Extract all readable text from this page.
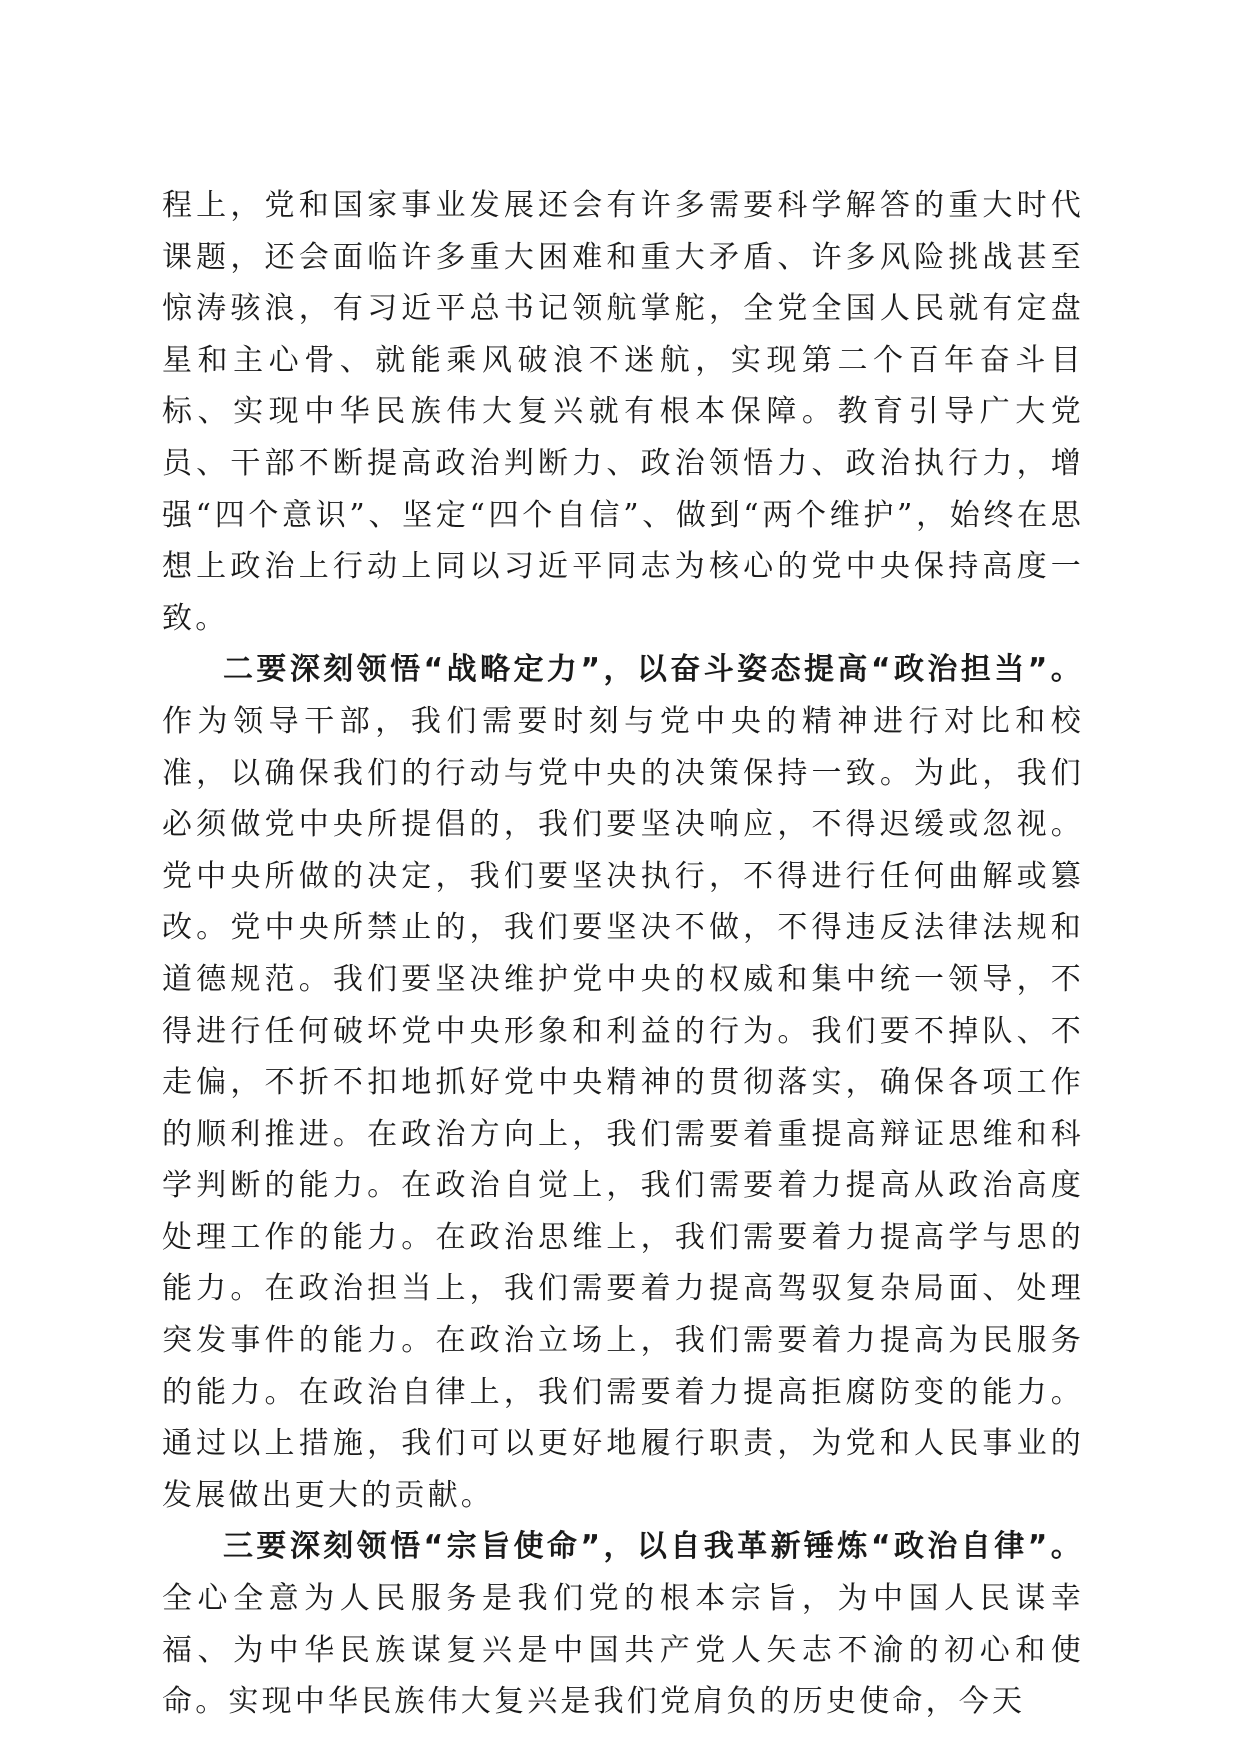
程上，党和国家事业发展还会有许多需要科学解答的重大时代课题，还会面临许多重大困难和重大矛盾、许多风险挑战甚至惊涛骇浪，有习近平总书记领航掌舵，全党全国人民就有定盘星和主心骨、就能乘风破浪不迷航，实现第二个百年奋斗目标、实现中华民族伟大复兴就有根本保障。教育引导广大党员、干部不断提高政治判断力、政治领悟力、政治执行力，增强“四个意识”、坚定“四个自信”、做到“两个维护”，始终在思想上政治上行动上同以习近平同志为核心的党中央保持高度一致。

二要深刻领悟“战略定力”，以奋斗姿态提高“政治担当”。作为领导干部，我们需要时刻与党中央的精神进行对比和校准，以确保我们的行动与党中央的决策保持一致。为此，我们必须做党中央所提倡的，我们要坚决响应，不得迟缓或忽视。党中央所做的决定，我们要坚决执行，不得进行任何曲解或篡改。党中央所禁止的，我们要坚决不做，不得违反法律法规和道德规范。我们要坚决维护党中央的权威和集中统一领导，不得进行任何破坏党中央形象和利益的行为。我们要不掉队、不走偏，不折不扣地抓好党中央精神的贯彻落实，确保各项工作的顺利推进。在政治方向上，我们需要着重提高辩证思维和科学判断的能力。在政治自觉上，我们需要着力提高从政治高度处理工作的能力。在政治思维上，我们需要着力提高学与思的能力。在政治担当上，我们需要着力提高驾驭复杂局面、处理突发事件的能力。在政治立场上，我们需要着力提高为民服务的能力。在政治自律上，我们需要着力提高拒腐防变的能力。通过以上措施，我们可以更好地履行职责，为党和人民事业的发展做出更大的贡献。

三要深刻领悟“宗旨使命”，以自我革新锤炼“政治自律”。全心全意为人民服务是我们党的根本宗旨，为中国人民谋幸福、为中华民族谋复兴是中国共产党人矢志不渝的初心和使命。实现中华民族伟大复兴是我们党肩负的历史使命，今天
